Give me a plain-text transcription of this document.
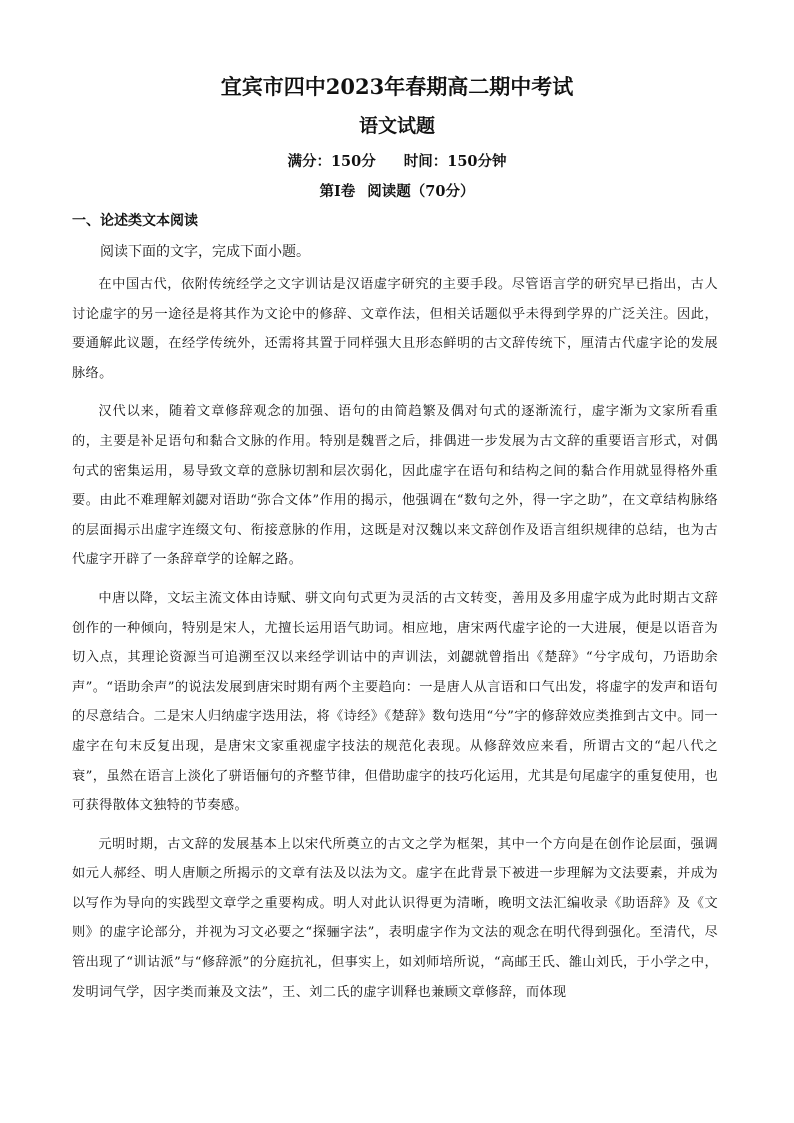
宜宾市四中2023年春期高二期中考试
语文试题
满分：150分 时间：150分钟
第Ⅰ卷 阅读题（70分）
一、论述类文本阅读
阅读下面的文字，完成下面小题。

在中国古代，依附传统经学之文字训诂是汉语虚字研究的主要手段。尽管语言学的研究早已指出，古人讨论虚字的另一途径是将其作为文论中的修辞、文章作法，但相关话题似乎未得到学界的广泛关注。因此，要通解此议题，在经学传统外，还需将其置于同样强大且形态鲜明的古文辞传统下，厘清古代虚字论的发展脉络。

汉代以来，随着文章修辞观念的加强、语句的由简趋繁及偶对句式的逐渐流行，虚字渐为文家所看重的，主要是补足语句和黏合文脉的作用。特别是魏晋之后，排偶进一步发展为古文辞的重要语言形式，对偶句式的密集运用，易导致文章的意脉切割和层次弱化，因此虚字在语句和结构之间的黏合作用就显得格外重要。由此不难理解刘勰对语助“弥合文体”作用的揭示，他强调在“数句之外，得一字之助”，在文章结构脉络的层面揭示出虚字连缀文句、衔接意脉的作用，这既是对汉魏以来文辞创作及语言组织规律的总结，也为古代虚字开辟了一条辞章学的诠解之路。

中唐以降，文坛主流文体由诗赋、骈文向句式更为灵活的古文转变，善用及多用虚字成为此时期古文辞创作的一种倾向，特别是宋人，尤擅长运用语气助词。相应地，唐宋两代虚字论的一大进展，便是以语音为切入点，其理论资源当可追溯至汉以来经学训诂中的声训法，刘勰就曾指出《楚辞》“兮字成句，乃语助余声”。“语助余声”的说法发展到唐宋时期有两个主要趋向：一是唐人从言语和口气出发，将虚字的发声和语句的尽意结合。二是宋人归纳虚字迭用法，将《诗经》《楚辞》数句迭用“兮”字的修辞效应类推到古文中。同一虚字在句末反复出现，是唐宋文家重视虚字技法的规范化表现。从修辞效应来看，所谓古文的“起八代之衰”，虽然在语言上淡化了骈语俪句的齐整节律，但借助虚字的技巧化运用，尤其是句尾虚字的重复使用，也可获得散体文独特的节奏感。

元明时期，古文辞的发展基本上以宋代所奠立的古文之学为框架，其中一个方向是在创作论层面，强调如元人郝经、明人唐顺之所揭示的文章有法及以法为文。虚字在此背景下被进一步理解为文法要素，并成为以写作为导向的实践型文章学之重要构成。明人对此认识得更为清晰，晚明文法汇编收录《助语辞》及《文则》的虚字论部分，并视为习文必要之“探骊字法”，表明虚字作为文法的观念在明代得到强化。至清代，尽管出现了“训诂派”与“修辞派”的分庭抗礼，但事实上，如刘师培所说，“高邮王氏、雒山刘氏，于小学之中，发明词气学，因字类而兼及文法”，王、刘二氏的虚字训释也兼顾文章修辞，而体现
